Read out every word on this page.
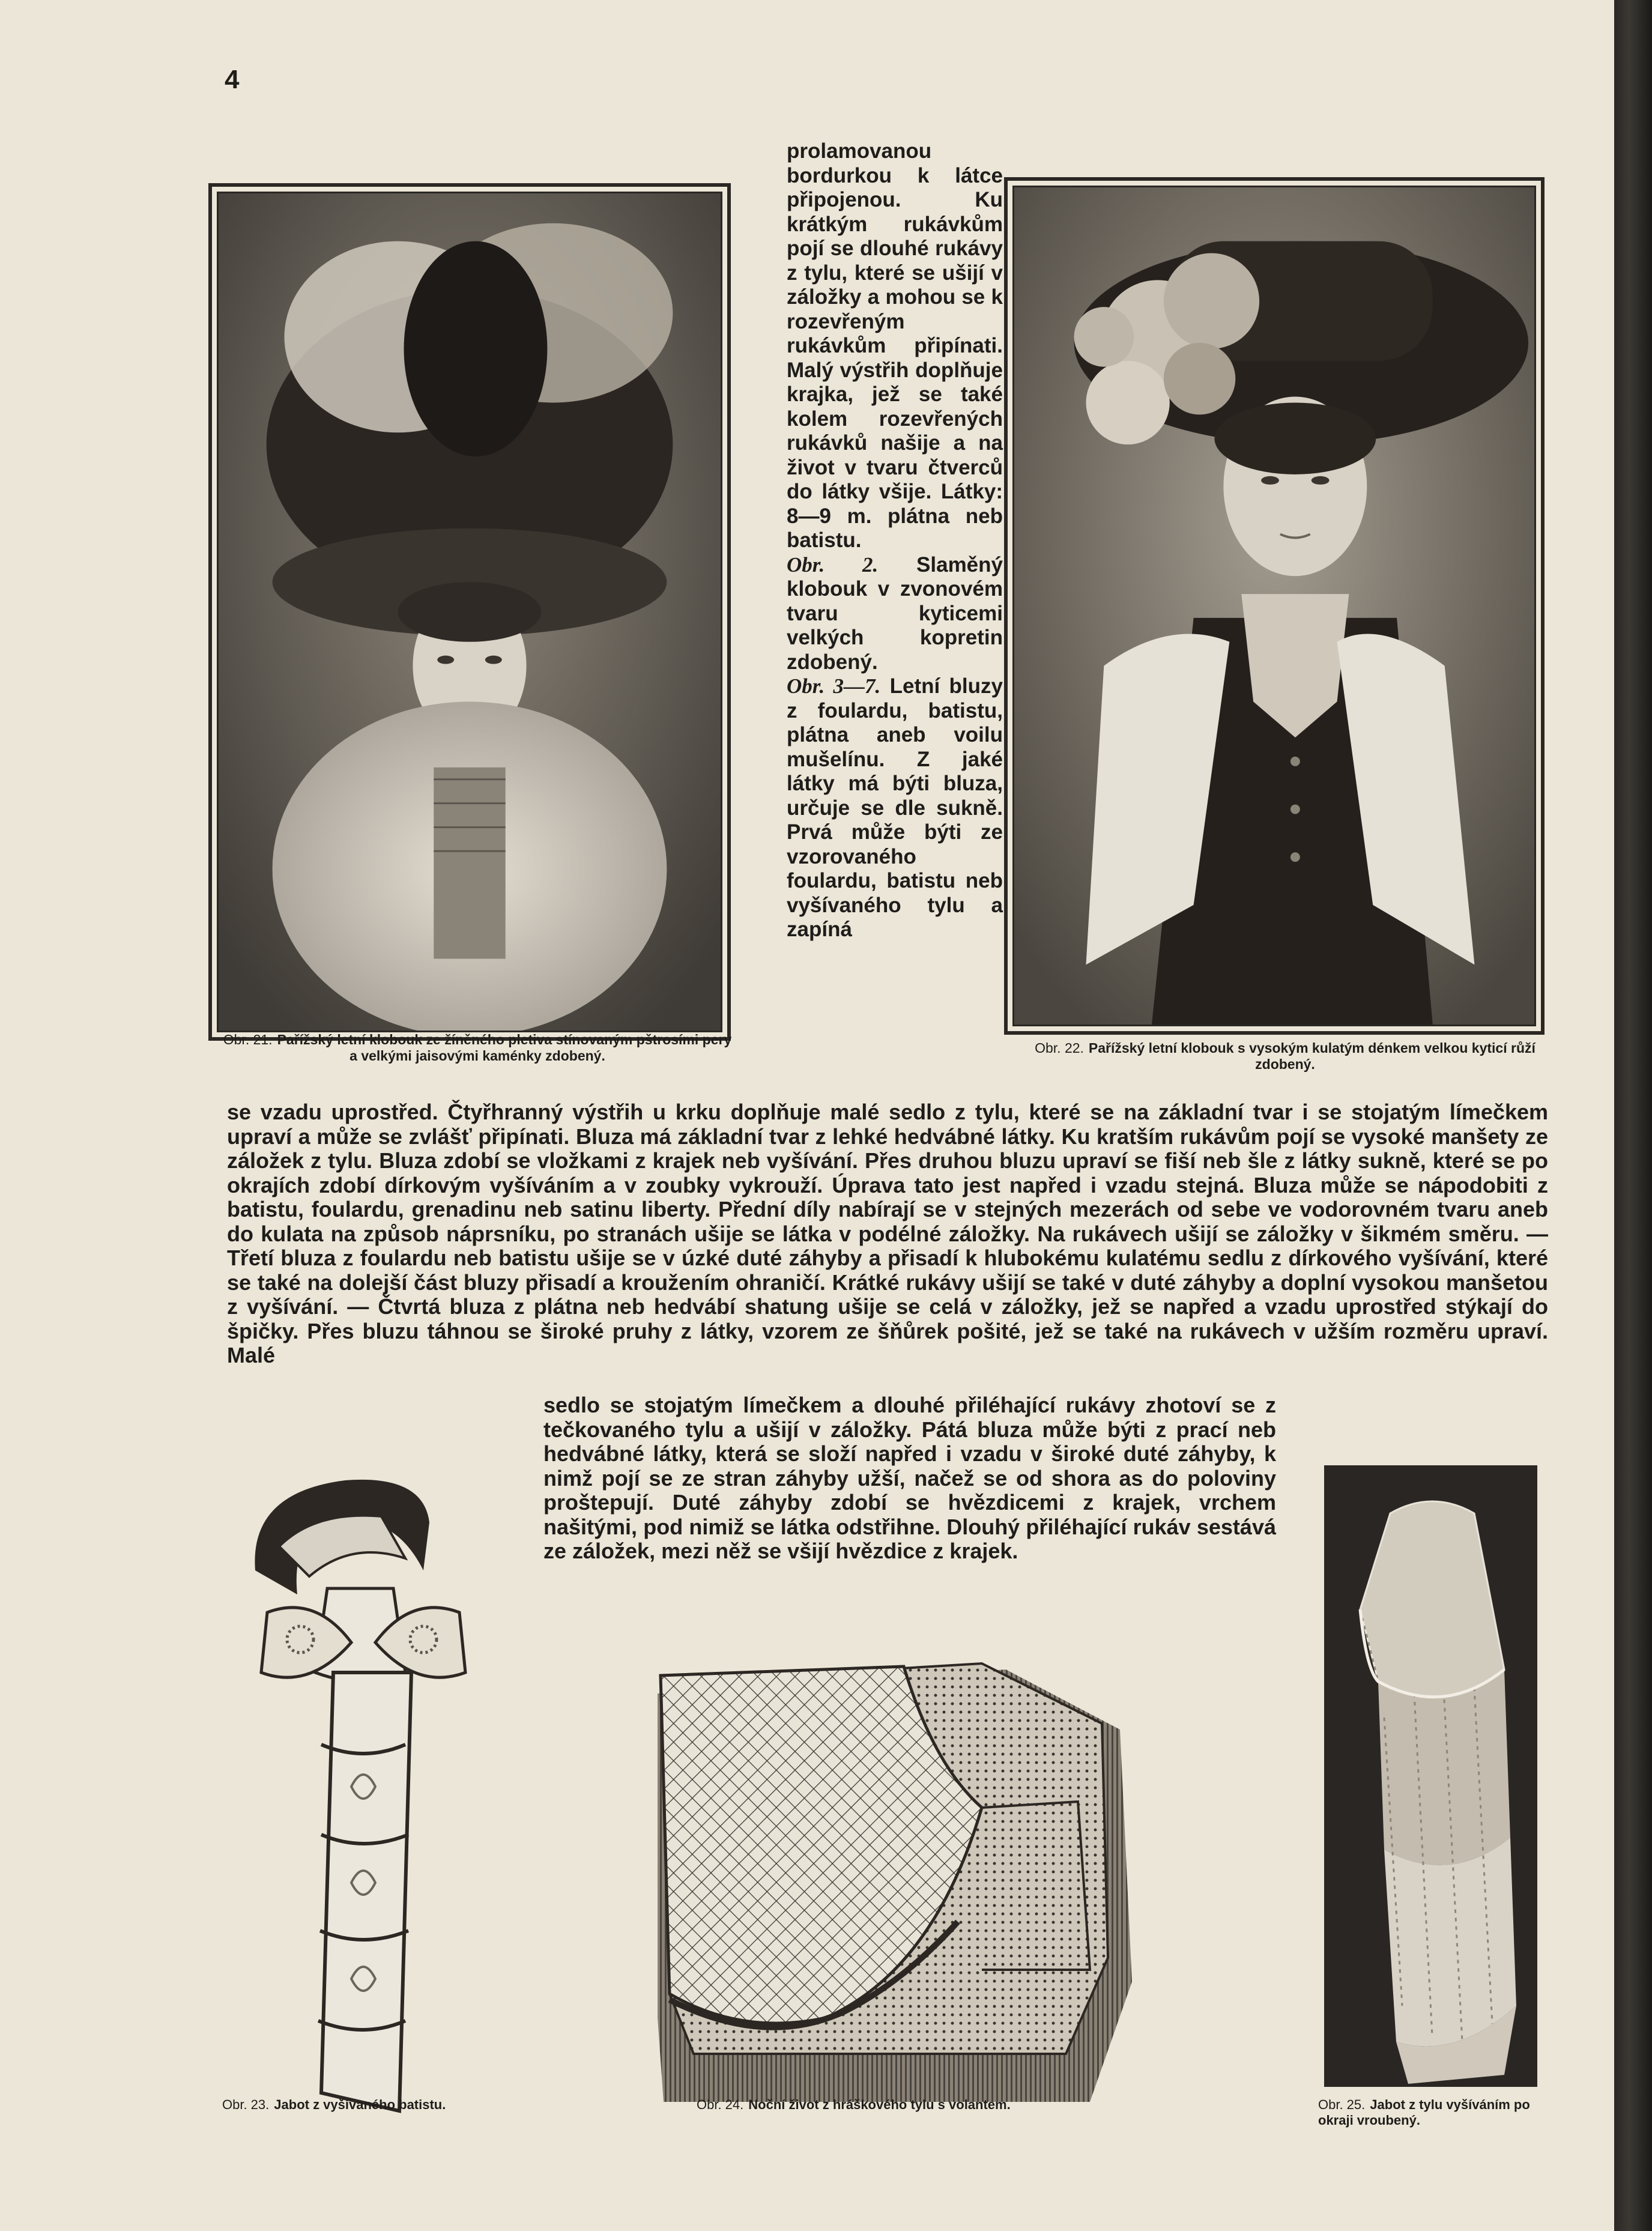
4
Obr. 21. Pařížský letní klobouk ze žíněného pletiva stínovaným pštrosími pery a velkými jaisovými kaménky zdobený.

prolamovanou bordurkou k látce připojenou. Ku krátkým rukávkům pojí se dlouhé rukávy z tylu, které se ušijí v záložky a mohou se k rozevřeným rukávkům připínati. Malý výstřih doplňuje krajka, jež se také kolem rozevřených rukávků našije a na život v tvaru čtverců do látky všije. Látky: 8—9 m. plátna neb batistu.

Obr. 2. Slaměný klobouk v zvonovém tvaru kyticemi velkých kopretin zdobený.

Obr. 3—7. Letní bluzy z foulardu, batistu, plátna aneb voilu mušelínu. Z jaké látky má býti bluza, určuje se dle sukně. Prvá může býti ze vzorovaného foulardu, batistu neb vyšívaného tylu a zapíná

Obr. 22. Pařížský letní klobouk s vysokým kulatým dénkem velkou kyticí růží zdobený.
se vzadu uprostřed. Čtyřhranný výstřih u krku doplňuje malé sedlo z tylu, které se na základní tvar i se stojatým límečkem upraví a může se zvlášť připínati. Bluza má základní tvar z lehké hedvábné látky. Ku kratším rukávům pojí se vysoké manšety ze záložek z tylu. Bluza zdobí se vložkami z krajek neb vyšívání. Přes druhou bluzu upraví se fiší neb šle z látky sukně, které se po okrajích zdobí dírkovým vyšíváním a v zoubky vykrouží. Úprava tato jest napřed i vzadu stejná. Bluza může se nápodobiti z batistu, foulardu, grenadinu neb satinu liberty. Přední díly nabírají se v stejných mezerách od sebe ve vodorovném tvaru aneb do kulata na způsob náprsníku, po stranách ušije se látka v podélné záložky. Na rukávech ušijí se záložky v šikmém směru. — Třetí bluza z foulardu neb batistu ušije se v úzké duté záhyby a přisadí k hlubokému kulatému sedlu z dírkového vyšívání, které se také na dolejší část bluzy přisadí a kroužením ohraničí. Krátké rukávy ušijí se také v duté záhyby a doplní vysokou manšetou z vyšívání. — Čtvrtá bluza z plátna neb hedvábí shatung ušije se celá v záložky, jež se napřed a vzadu uprostřed stýkají do špičky. Přes bluzu táhnou se široké pruhy z látky, vzorem ze šňůrek pošité, jež se také na rukávech v užším rozměru upraví. Malé
sedlo se stojatým límečkem a dlouhé přiléhající rukávy zhotoví se z tečkovaného tylu a ušijí v záložky. Pátá bluza může býti z prací neb hedvábné látky, která se složí napřed i vzadu v široké duté záhyby, k nimž pojí se ze stran záhyby užší, načež se od shora as do poloviny proštepují. Duté záhyby zdobí se hvězdicemi z krajek, vrchem našitými, pod nimiž se látka odstřihne. Dlouhý přiléhající rukáv sestává ze záložek, mezi něž se všijí hvězdice z krajek.
Obr. 23. Jabot z vyšívaného batistu.	Obr. 24. Noční život z hráškového tylu s volantem.	Obr. 25. Jabot z tylu vyšíváním po okraji vroubený.
